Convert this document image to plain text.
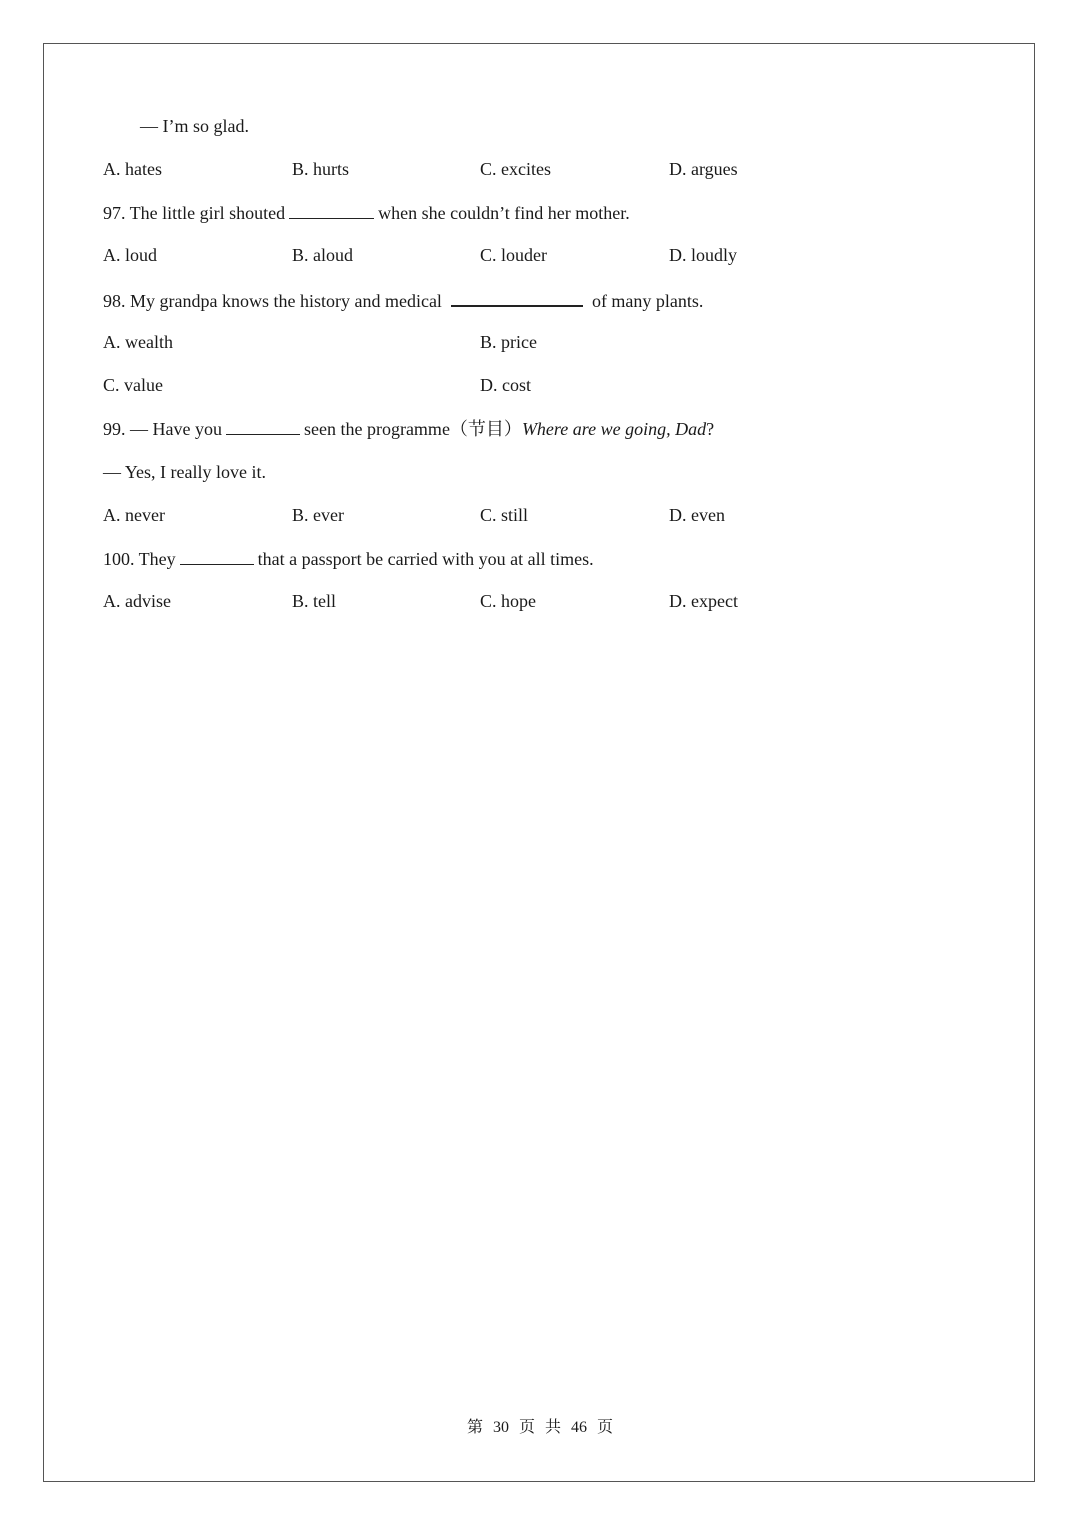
— I’m so glad.
A. hates	B. hurts	C. excites	D. argues
97. The little girl shouted	when she couldn’t find her mother.
A. loud	B. aloud	C. louder	D. loudly
98. My grandpa knows the history and medical	of many plants.
A. wealth	B. price
C. value	D. cost
99. — Have you	seen the programme（节目）Where are we going, Dad?
— Yes, I really love it.
A. never	B. ever	C. still	D. even
100. They	that a passport be carried with you at all times.
A. advise	B. tell	C. hope	D. expect
第 30 页 共 46 页
